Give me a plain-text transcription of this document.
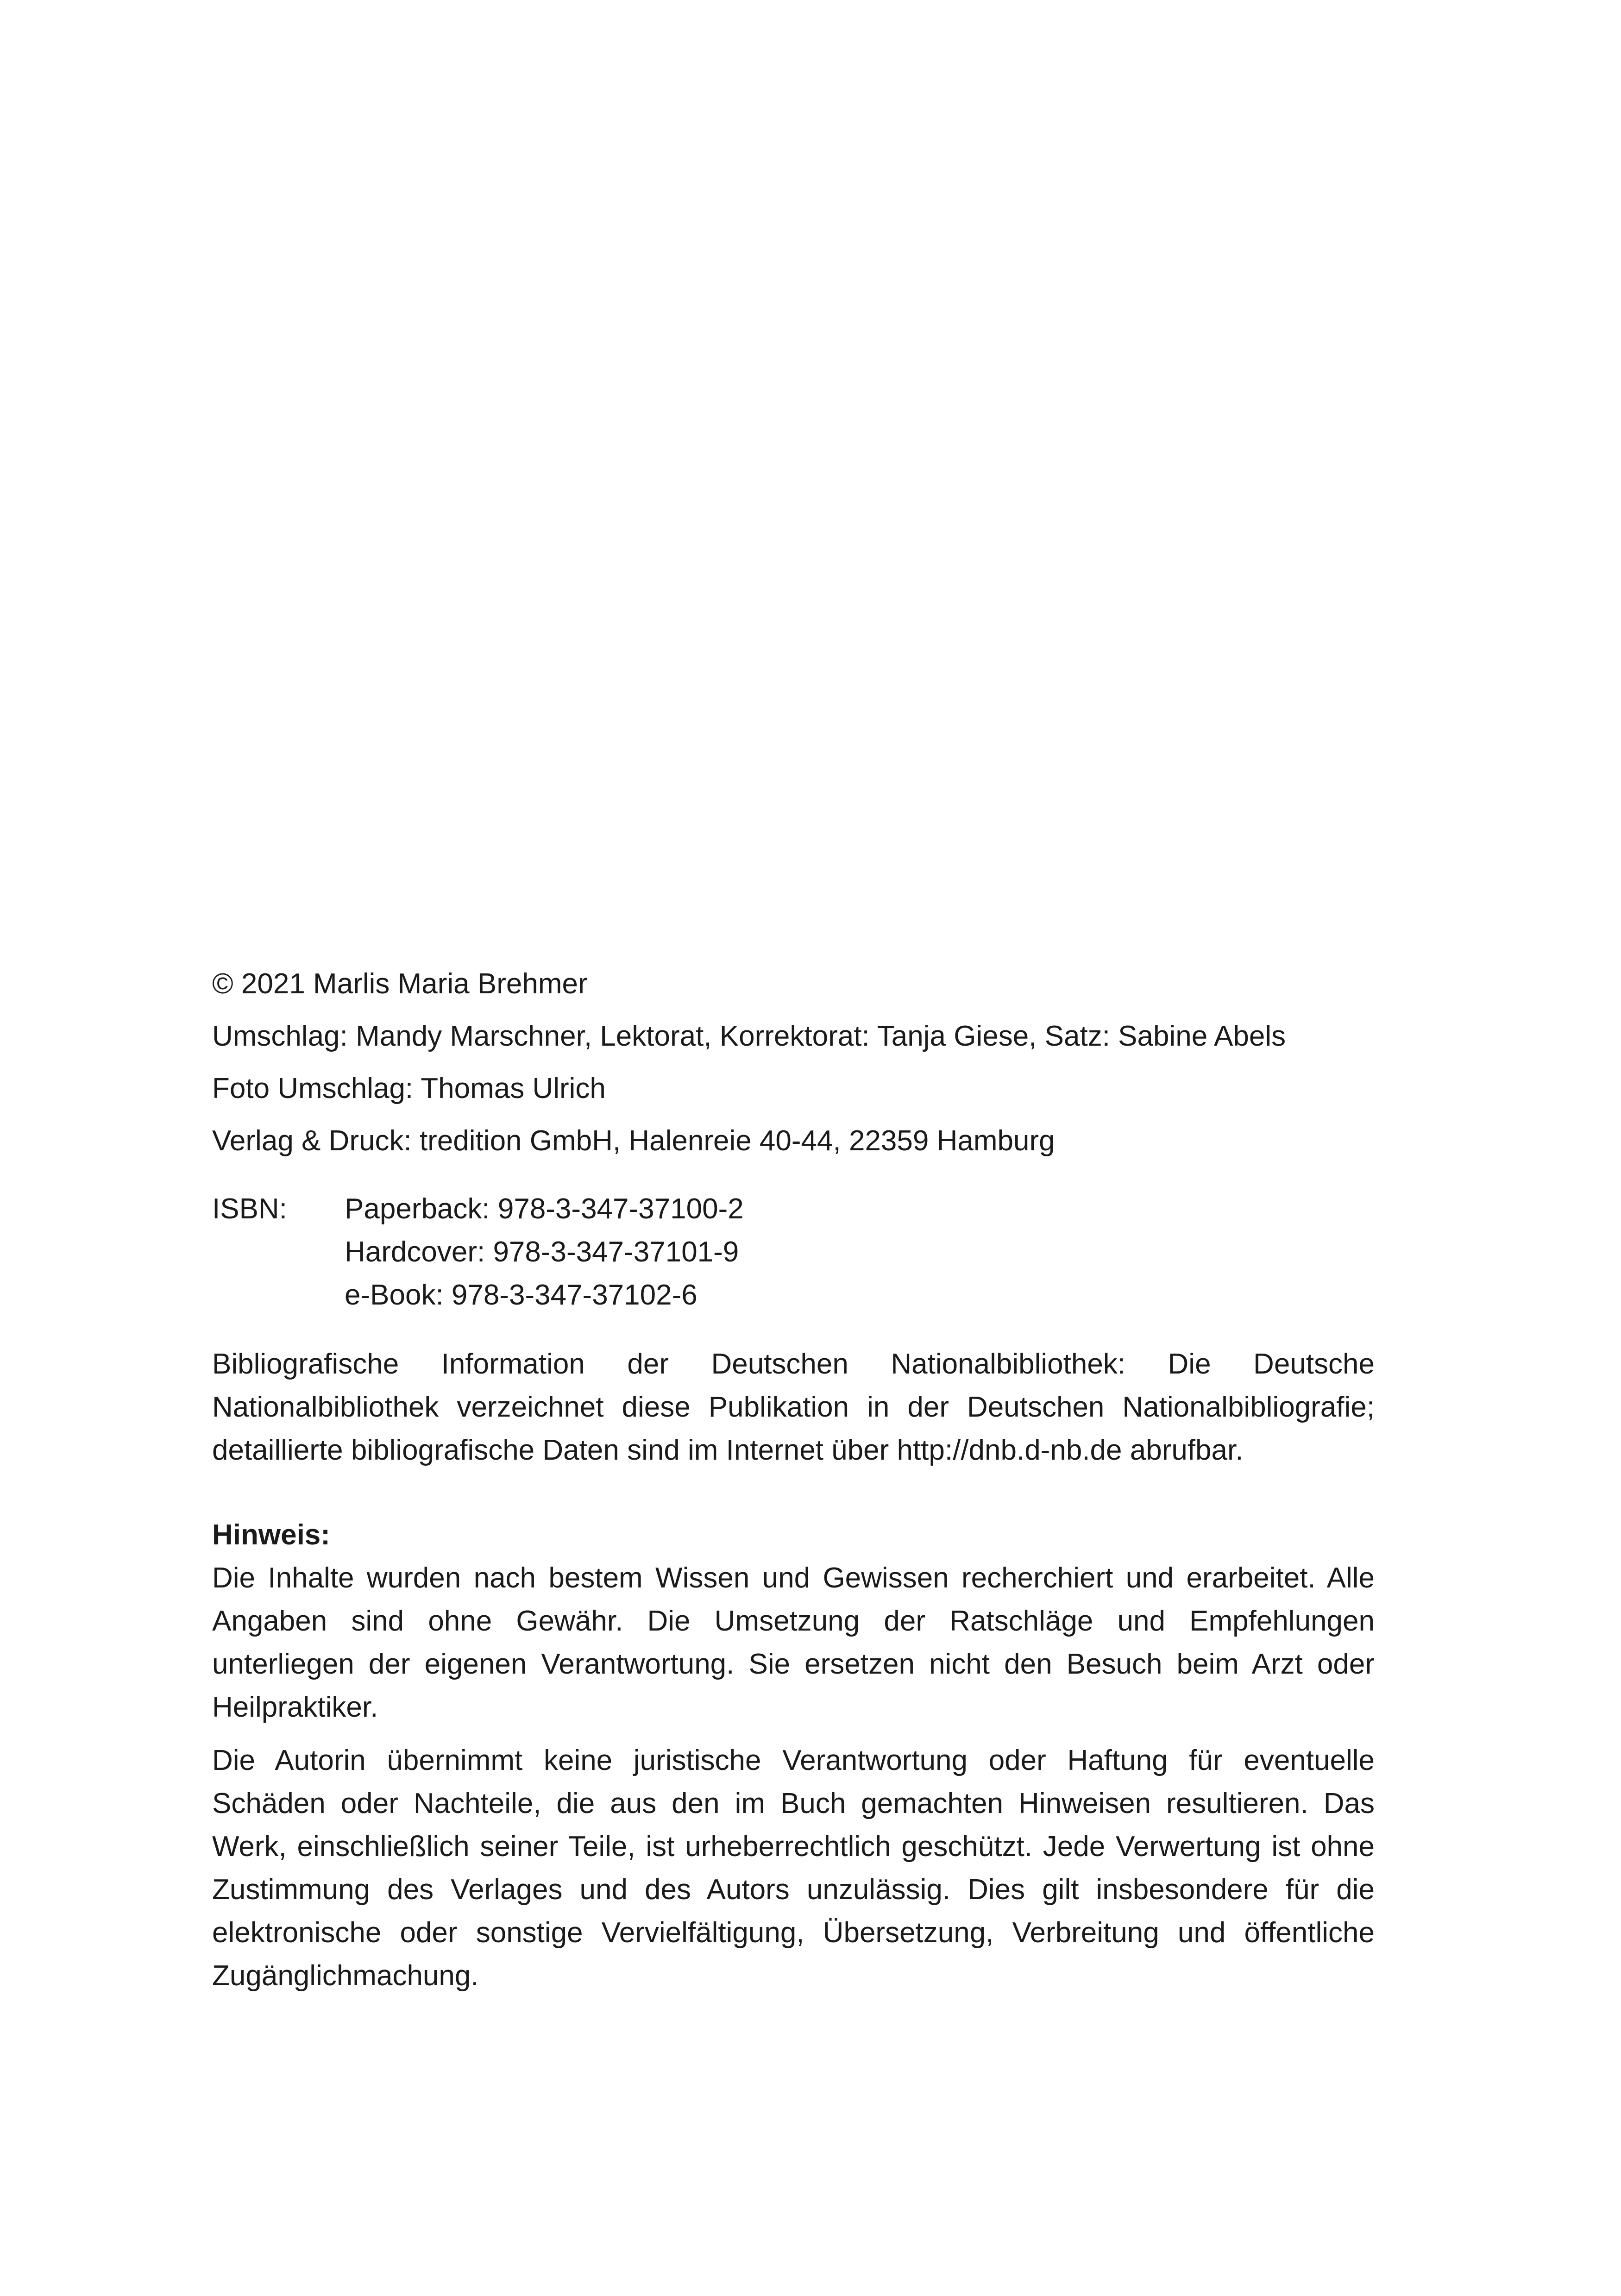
© 2021 Marlis Maria Brehmer
Umschlag: Mandy Marschner, Lektorat, Korrektorat: Tanja Giese, Satz: Sabine Abels
Foto Umschlag: Thomas Ulrich
Verlag & Druck: tredition GmbH, Halenreie 40-44, 22359 Hamburg
ISBN:	Paperback: 978-3-347-37100-2
Hardcover: 978-3-347-37101-9
e-Book: 978-3-347-37102-6
Bibliografische Information der Deutschen Nationalbibliothek: Die Deutsche Nationalbibliothek verzeichnet diese Publikation in der Deutschen Nationalbibliografie; detaillierte bibliografische Daten sind im Internet über http://dnb.d-nb.de abrufbar.
Hinweis:
Die Inhalte wurden nach bestem Wissen und Gewissen recherchiert und erarbeitet. Alle Angaben sind ohne Gewähr. Die Umsetzung der Ratschläge und Empfehlungen unterliegen der eigenen Verantwortung. Sie ersetzen nicht den Besuch beim Arzt oder Heilpraktiker.
Die Autorin übernimmt keine juristische Verantwortung oder Haftung für eventuelle Schäden oder Nachteile, die aus den im Buch gemachten Hinweisen resultieren. Das Werk, einschließlich seiner Teile, ist urheberrechtlich geschützt. Jede Verwertung ist ohne Zustimmung des Verlages und des Autors unzulässig. Dies gilt insbesondere für die elektronische oder sonstige Vervielfältigung, Übersetzung, Verbreitung und öffentliche Zugänglichmachung.
